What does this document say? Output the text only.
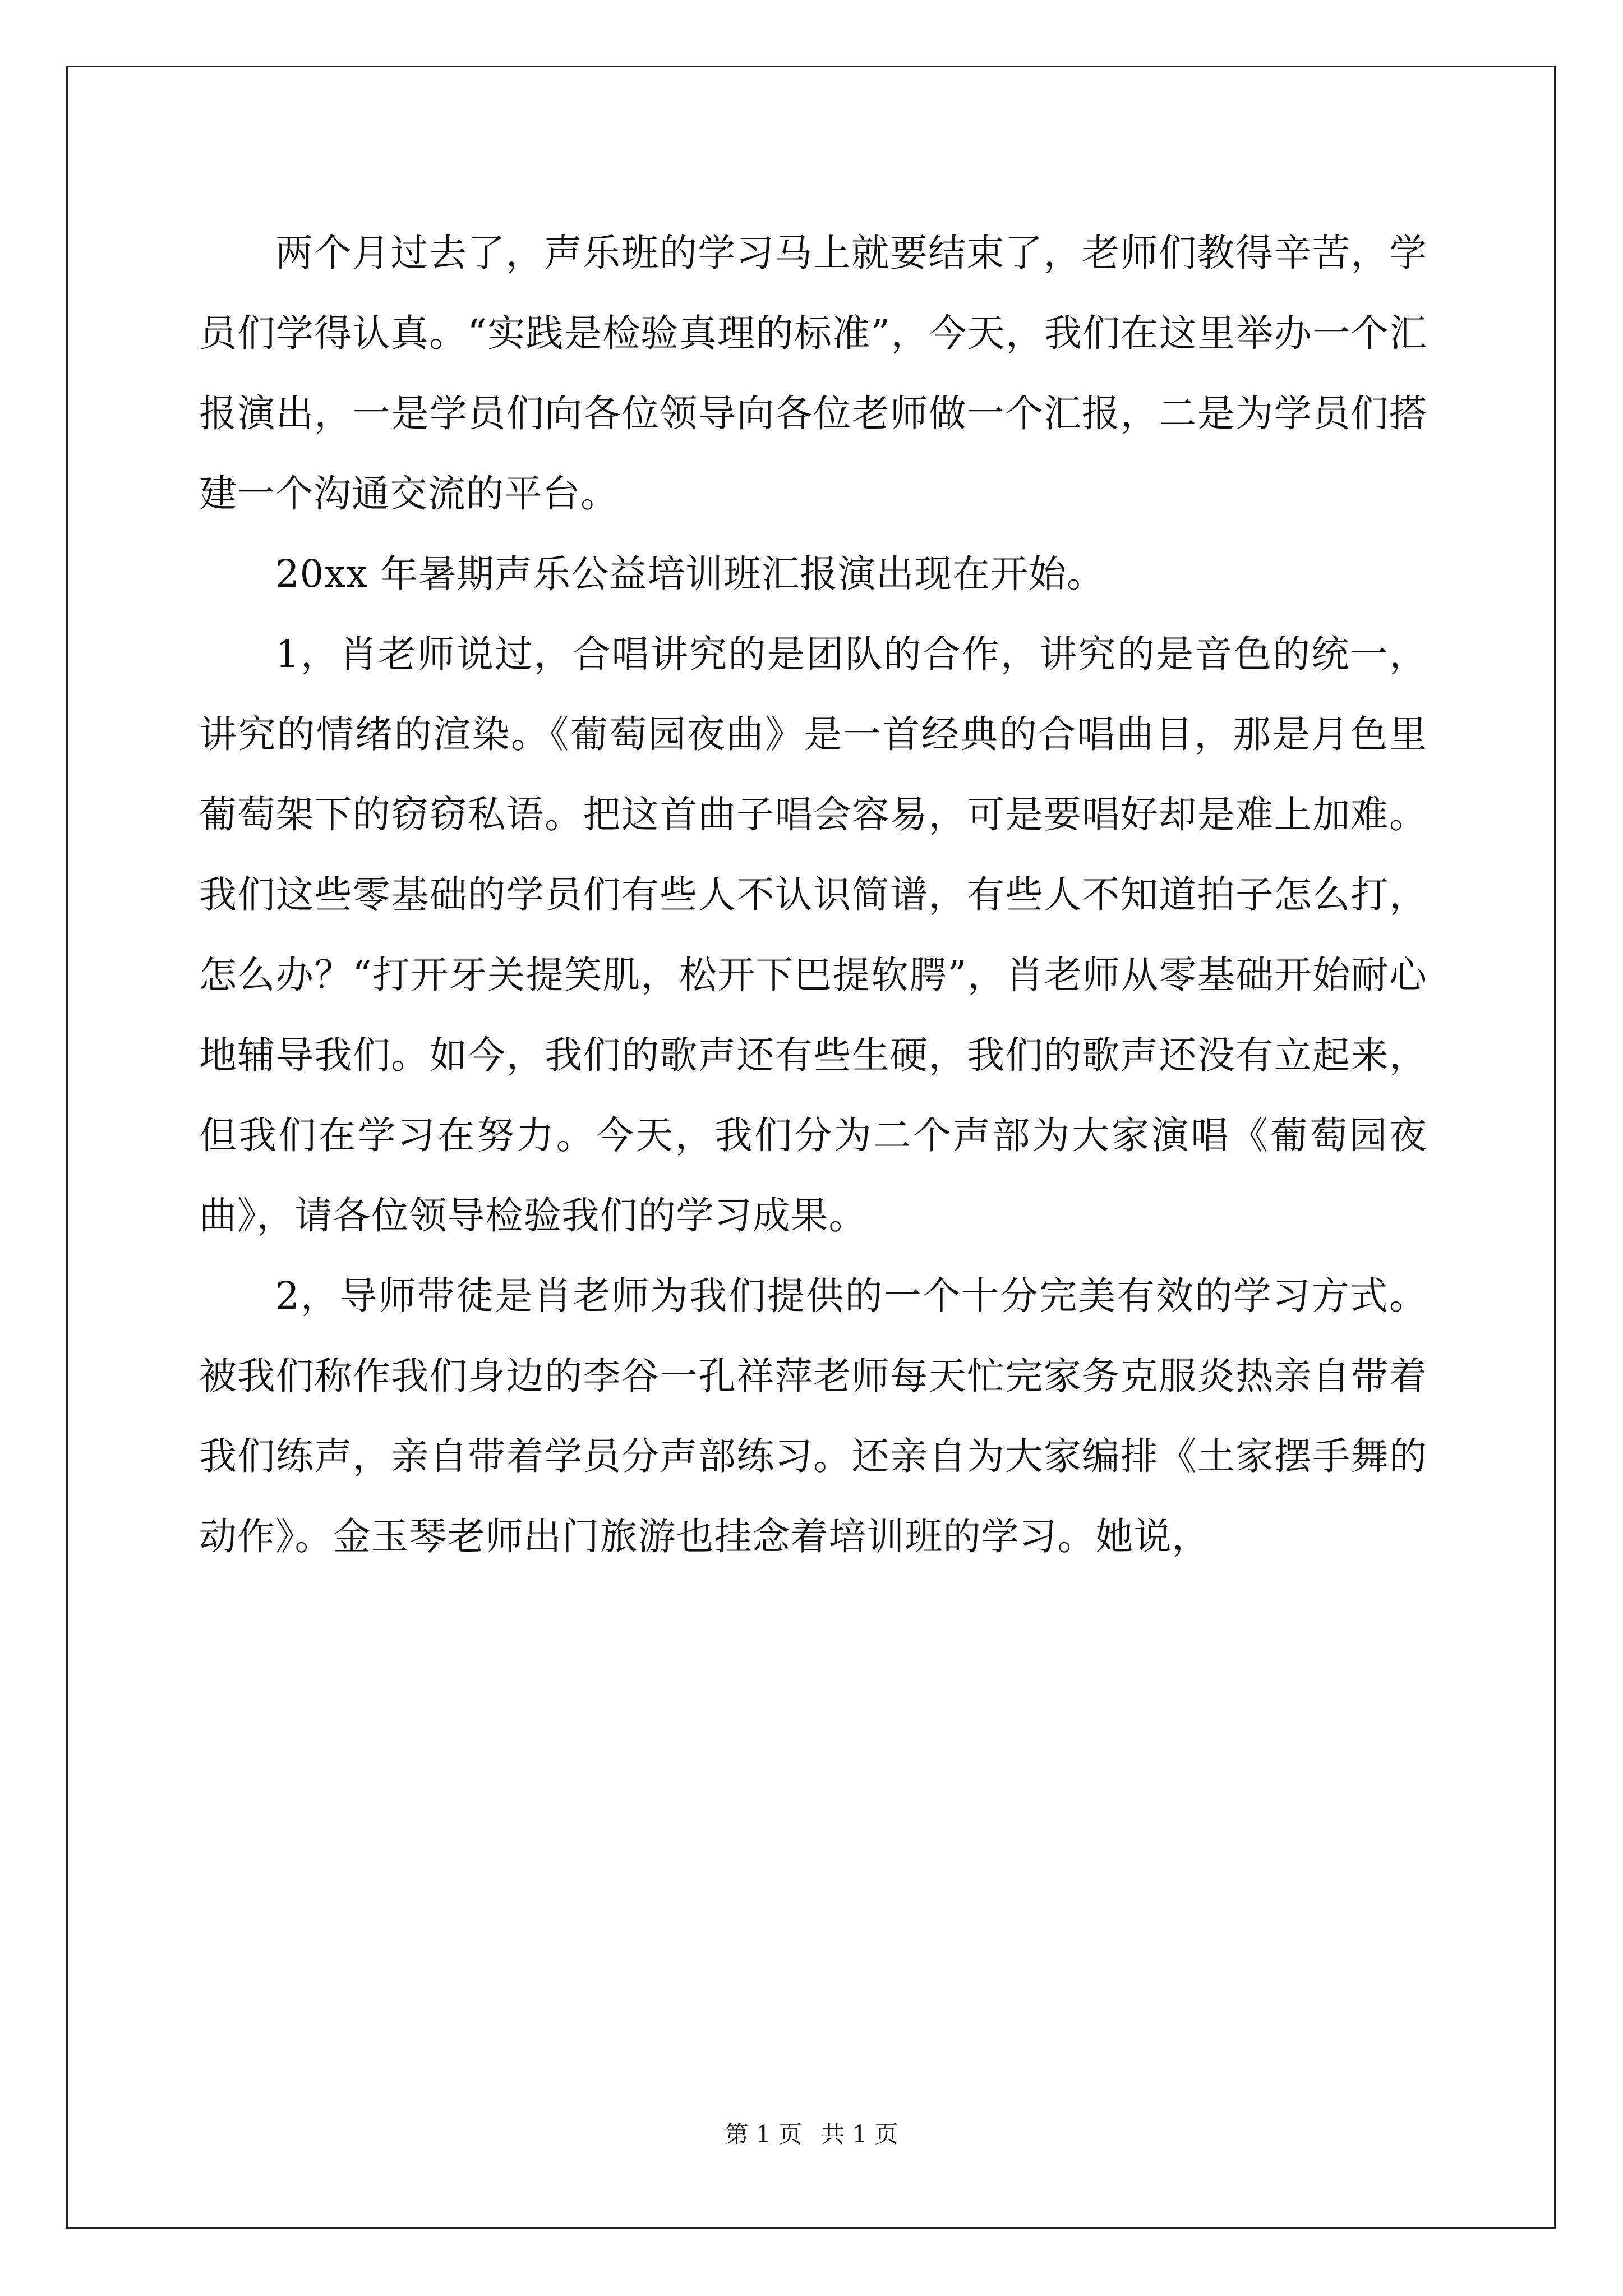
两个月过去了，声乐班的学习马上就要结束了，老师们教得辛苦，学员们学得认真。“实践是检验真理的标准”，今天，我们在这里举办一个汇报演出，一是学员们向各位领导向各位老师做一个汇报，二是为学员们搭建一个沟通交流的平台。

20xx 年暑期声乐公益培训班汇报演出现在开始。

1，肖老师说过，合唱讲究的是团队的合作，讲究的是音色的统一，讲究的情绪的渲染。《葡萄园夜曲》是一首经典的合唱曲目，那是月色里葡萄架下的窃窃私语。把这首曲子唱会容易，可是要唱好却是难上加难。我们这些零基础的学员们有些人不认识简谱，有些人不知道拍子怎么打，怎么办？“打开牙关提笑肌，松开下巴提软腭”，肖老师从零基础开始耐心地辅导我们。如今，我们的歌声还有些生硬，我们的歌声还没有立起来，但我们在学习在努力。今天，我们分为二个声部为大家演唱《葡萄园夜曲》，请各位领导检验我们的学习成果。

2，导师带徒是肖老师为我们提供的一个十分完美有效的学习方式。被我们称作我们身边的李谷一孔祥萍老师每天忙完家务克服炎热亲自带着我们练声，亲自带着学员分声部练习。还亲自为大家编排《土家摆手舞的动作》。金玉琴老师出门旅游也挂念着培训班的学习。她说，

第 1 页 共 1 页
